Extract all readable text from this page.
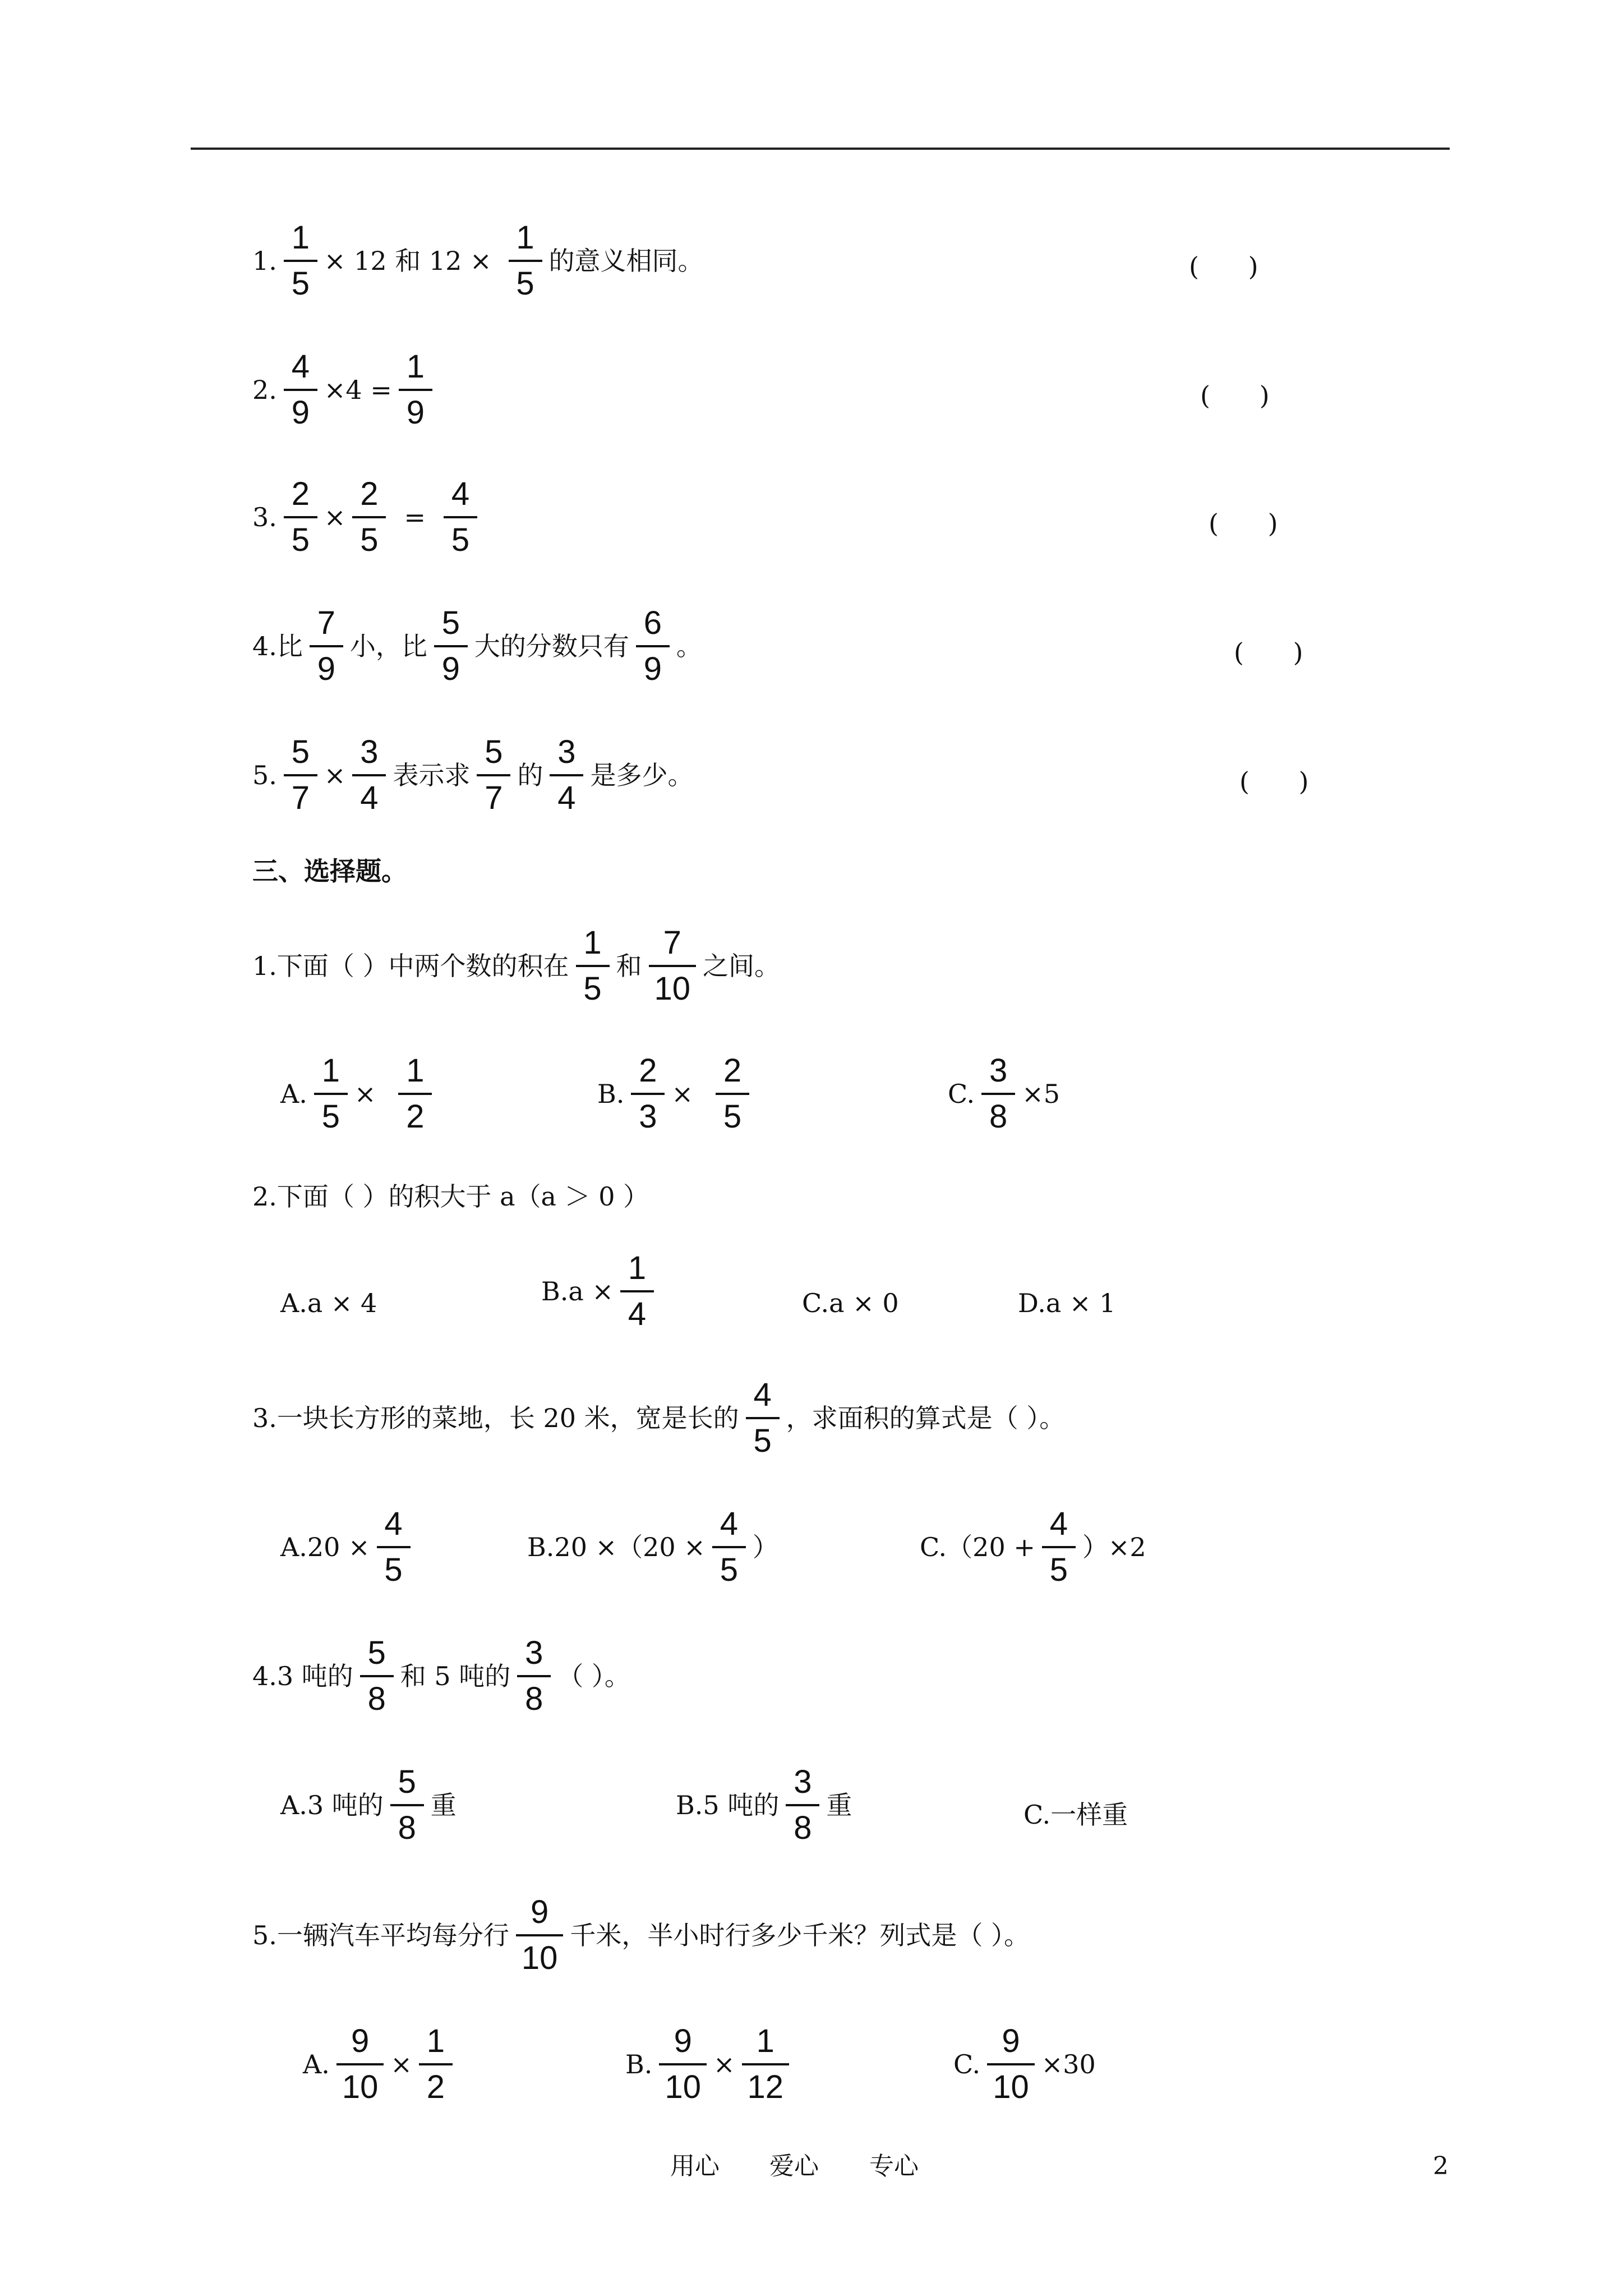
1. $\frac{1}{5} \times 12$ 和 $12 \times \frac{1}{5}$ 的意义相同。	(      )
2. $\frac{4}{9} \times 4 = \frac{1}{9}$	(      )
3. $\frac{2}{5} \times \frac{2}{5} = \frac{4}{5}$	(      )
4.比 $\frac{7}{9}$ 小，比 $\frac{5}{9}$ 大的分数只有 $\frac{6}{9}$ 。	(      )
5. $\frac{5}{7} \times \frac{3}{4}$ 表示求 $\frac{5}{7}$ 的 $\frac{3}{4}$ 是多少。	(      )
三、选择题。
1.下面（ ）中两个数的积在 $\frac{1}{5}$ 和 $\frac{7}{10}$ 之间。
A. $\frac{1}{5} \times \frac{1}{2}$	B. $\frac{2}{3} \times \frac{2}{5}$	C. $\frac{3}{8} \times 5$
2.下面（ ）的积大于 a（a ＞ 0 ）
A.a × 4	$B.a \times \frac{1}{4}$	C.a × 0	D.a × 1
3.一块长方形的菜地，长 20 米，宽是长的 $\frac{4}{5}$ ，求面积的算式是（ ）。
$A.20 \times \frac{4}{5}$	$B.20 \times(20 \times \frac{4}{5}$ ）	$C.(20 + \frac{4}{5} )\times 2$
4.3 吨的 $\frac{5}{8}$ 和 5 吨的 $\frac{3}{8}$ （ ）。
A.3 吨的 $\frac{5}{8}$ 重	B.5 吨的 $\frac{3}{8}$ 重	C.一样重
5.一辆汽车平均每分行 $\frac{9}{10}$ 千米，半小时行多少千米？列式是（ ）。
A. $\frac{9}{10} \times \frac{1}{2}$	B. $\frac{9}{10} \times \frac{1}{12}$	C. $\frac{9}{10} \times 30$
用心 爱心 专心	2
